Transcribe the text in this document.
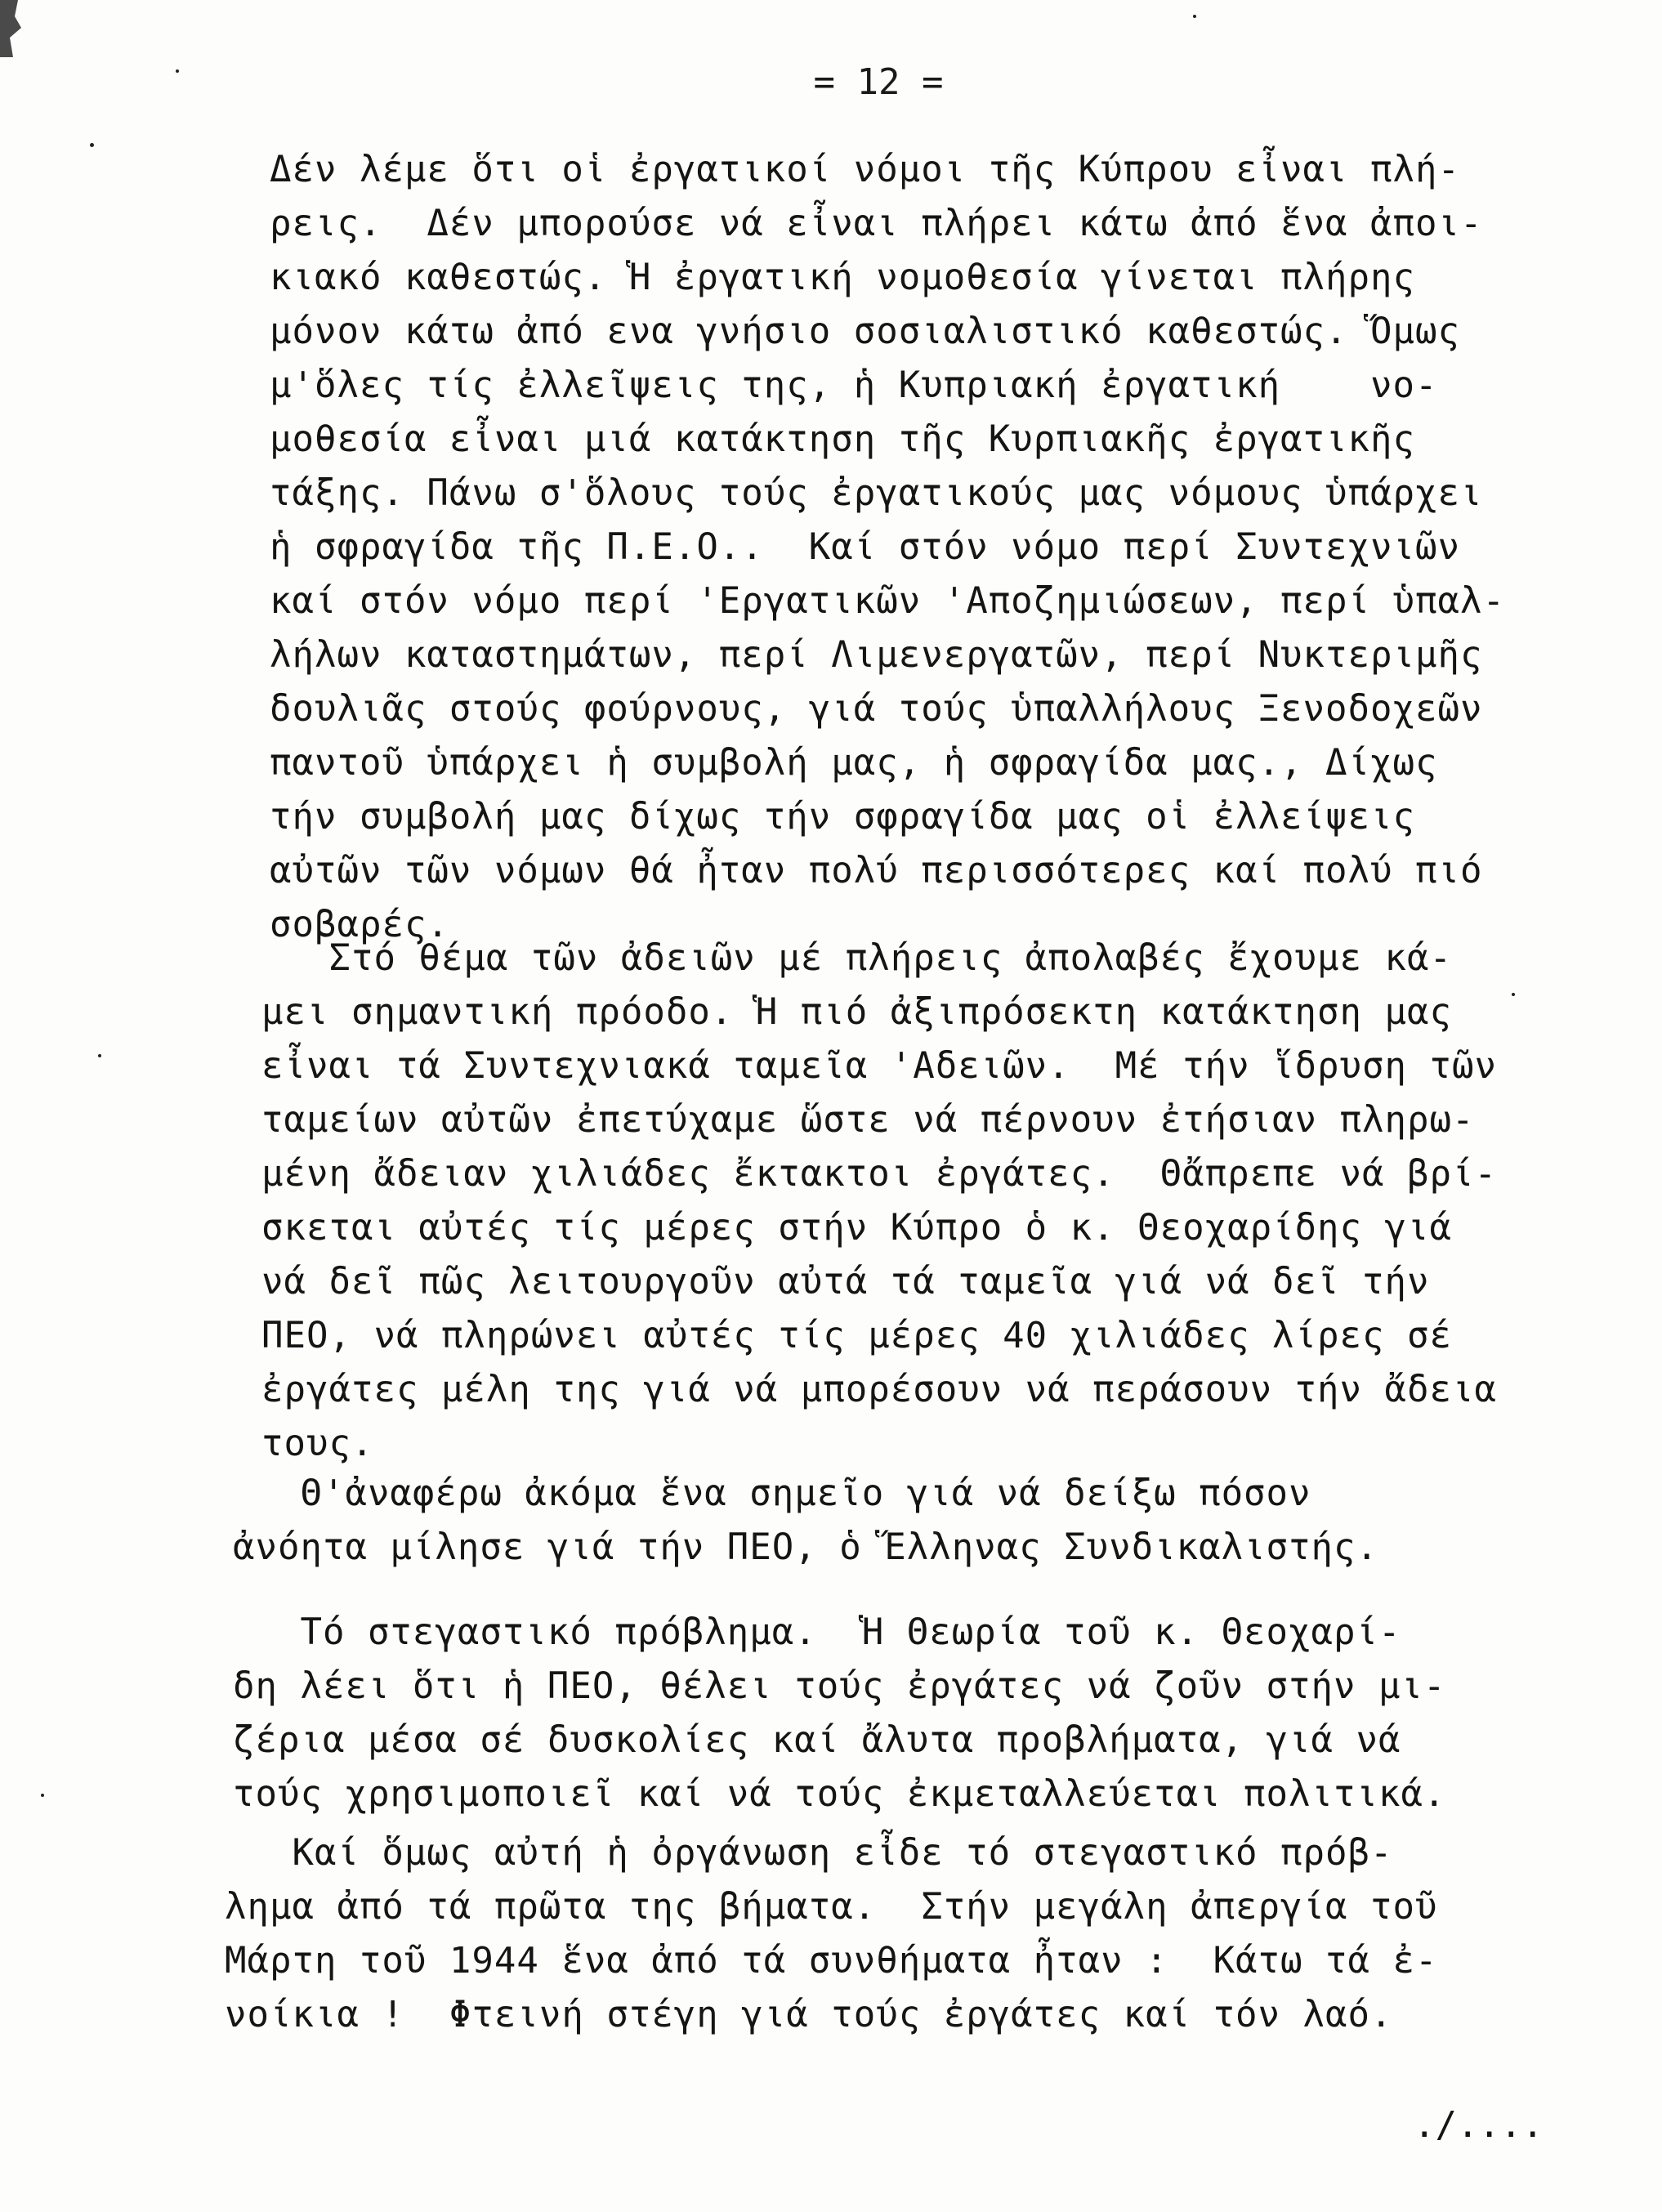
= 12 =
Δέν λέμε ὅτι οἱ ἐργατικοί νόμοι τῆς Κύπρου εἶναι πλή-
ρεις.  Δέν μπορούσε νά εἶναι πλήρει κάτω ἀπό ἕνα ἀποι-
κιακό καθεστώς. Ἡ ἐργατική νομοθεσία γίνεται πλήρης
μόνον κάτω ἀπό ενα γνήσιο σοσιαλιστικό καθεστώς. Ὅμως
μ'ὅλες τίς ἐλλεῖψεις της, ἡ Κυπριακή ἐργατική    νο-
μοθεσία εἶναι μιά κατάκτηση τῆς Κυρπιακῆς ἐργατικῆς
τάξης. Πάνω σ'ὅλους τούς ἐργατικούς μας νόμους ὑπάρχει
ἡ σφραγίδα τῆς Π.Ε.Ο..  Καί στόν νόμο περί Συντεχνιῶν
καί στόν νόμο περί 'Εργατικῶν 'Αποζημιώσεων, περί ὑπαλ-
λήλων καταστημάτων, περί Λιμενεργατῶν, περί Νυκτεριμῆς
δουλιᾶς στούς φούρνους, γιά τούς ὑπαλλήλους Ξενοδοχεῶν
παντοῦ ὑπάρχει ἡ συμβολή μας, ἡ σφραγίδα μας., Δίχως
τήν συμβολή μας δίχως τήν σφραγίδα μας οἱ ἐλλείψεις
αὐτῶν τῶν νόμων θά ἦταν πολύ περισσότερες καί πολύ πιό
σοβαρές.
Στό θέμα τῶν ἀδειῶν μέ πλήρεις ἀπολαβές ἔχουμε κά-
μει σημαντική πρόοδο. Ἡ πιό ἀξιπρόσεκτη κατάκτηση μας
εἶναι τά Συντεχνιακά ταμεῖα 'Αδειῶν.  Μέ τήν ἵδρυση τῶν
ταμείων αὐτῶν ἐπετύχαμε ὥστε νά πέρνουν ἐτήσιαν πληρω-
μένη ἄδειαν χιλιάδες ἔκτακτοι ἐργάτες.  Θἄπρεπε νά βρί-
σκεται αὐτές τίς μέρες στήν Κύπρο ὁ κ. Θεοχαρίδης γιά
νά δεῖ πῶς λειτουργοῦν αὐτά τά ταμεῖα γιά νά δεῖ τήν
ΠΕΟ, νά πληρώνει αὐτές τίς μέρες 40 χιλιάδες λίρες σέ
ἐργάτες μέλη της γιά νά μπορέσουν νά περάσουν τήν ἄδεια
τους.
Θ'ἀναφέρω ἀκόμα ἕνα σημεῖο γιά νά δείξω πόσον
ἀνόητα μίλησε γιά τήν ΠΕΟ, ὁ Ἕλληνας Συνδικαλιστής.
Τό στεγαστικό πρόβλημα.  Ἡ Θεωρία τοῦ κ. Θεοχαρί-
δη λέει ὅτι ἡ ΠΕΟ, θέλει τούς ἐργάτες νά ζοῦν στήν μι-
ζέρια μέσα σέ δυσκολίες καί ἄλυτα προβλήματα, γιά νά
τούς χρησιμοποιεῖ καί νά τούς ἐκμεταλλεύεται πολιτικά.
Καί ὅμως αὐτή ἡ ὀργάνωση εἶδε τό στεγαστικό πρόβ-
λημα ἀπό τά πρῶτα της βήματα.  Στήν μεγάλη ἀπεργία τοῦ
Μάρτη τοῦ 1944 ἕνα ἀπό τά συνθήματα ἦταν :  Κάτω τά ἐ-
νοίκια !  Φτεινή στέγη γιά τούς ἐργάτες καί τόν λαό.
./....
